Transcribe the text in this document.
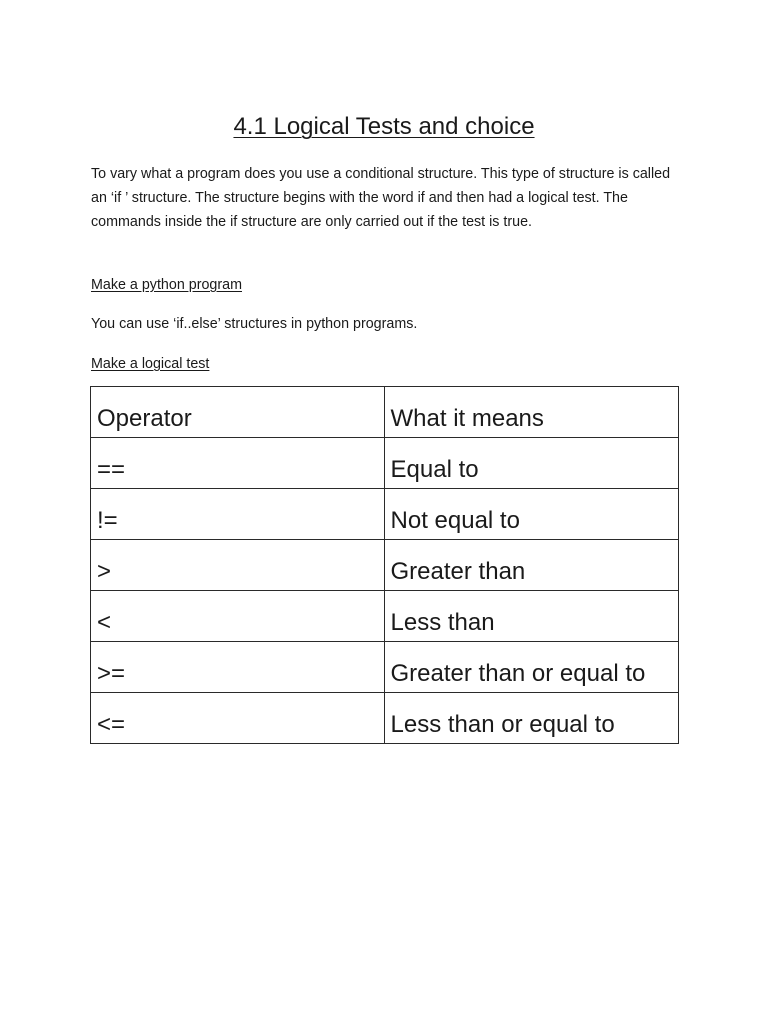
4.1 Logical Tests and choice

To vary what a program does you use a conditional structure. This type of structure is called an ‘if ’ structure. The structure begins with the word if and then had a logical test. The commands inside the if structure are only carried out if the test is true.

Make a python program

You can use ‘if..else’ structures in python programs.

Make a logical test
Operator	What it means
==	Equal to
!=	Not equal to
>	Greater than
<	Less than
>=	Greater than or equal to
<=	Less than or equal to
